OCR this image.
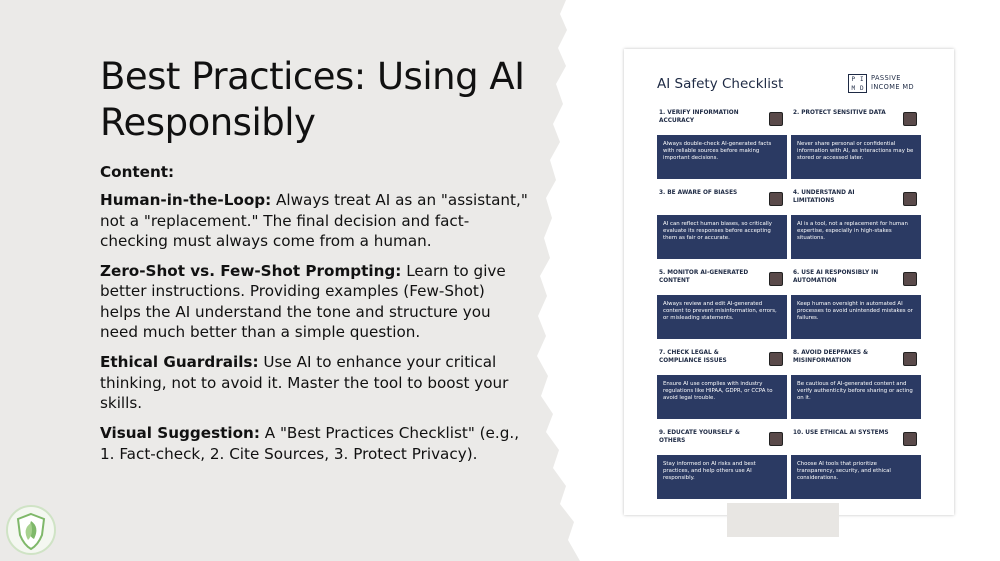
Best Practices: Using AI Responsibly
Content:

Human-in-the-Loop: Always treat AI as an "assistant," not a "replacement." The final decision and fact-checking must always come from a human.

Zero-Shot vs. Few-Shot Prompting: Learn to give better instructions. Providing examples (Few-Shot) helps the AI understand the tone and structure you need much better than a simple question.

Ethical Guardrails: Use AI to enhance your critical thinking, not to avoid it. Master the tool to boost your skills.

Visual Suggestion: A "Best Practices Checklist" (e.g., 1. Fact-check, 2. Cite Sources, 3. Protect Privacy).

AI Safety Checklist	P I
M D
PASSIVE
INCOME MD
1. VERIFY INFORMATION ACCURACY
Always double-check AI-generated facts with reliable sources before making important decisions.
2. PROTECT SENSITIVE DATA
Never share personal or confidential information with AI, as interactions may be stored or accessed later.
3. BE AWARE OF BIASES
AI can reflect human biases, so critically evaluate its responses before accepting them as fair or accurate.
4. UNDERSTAND AI LIMITATIONS
AI is a tool, not a replacement for human expertise, especially in high-stakes situations.
5. MONITOR AI-GENERATED CONTENT
Always review and edit AI-generated content to prevent misinformation, errors, or misleading statements.
6. USE AI RESPONSIBLY IN AUTOMATION
Keep human oversight in automated AI processes to avoid unintended mistakes or failures.
7. CHECK LEGAL & COMPLIANCE ISSUES
Ensure AI use complies with industry regulations like HIPAA, GDPR, or CCPA to avoid legal trouble.
8. AVOID DEEPFAKES & MISINFORMATION
Be cautious of AI-generated content and verify authenticity before sharing or acting on it.
9. EDUCATE YOURSELF & OTHERS
Stay informed on AI risks and best practices, and help others use AI responsibly.
10. USE ETHICAL AI SYSTEMS
Choose AI tools that prioritize transparency, security, and ethical considerations.
